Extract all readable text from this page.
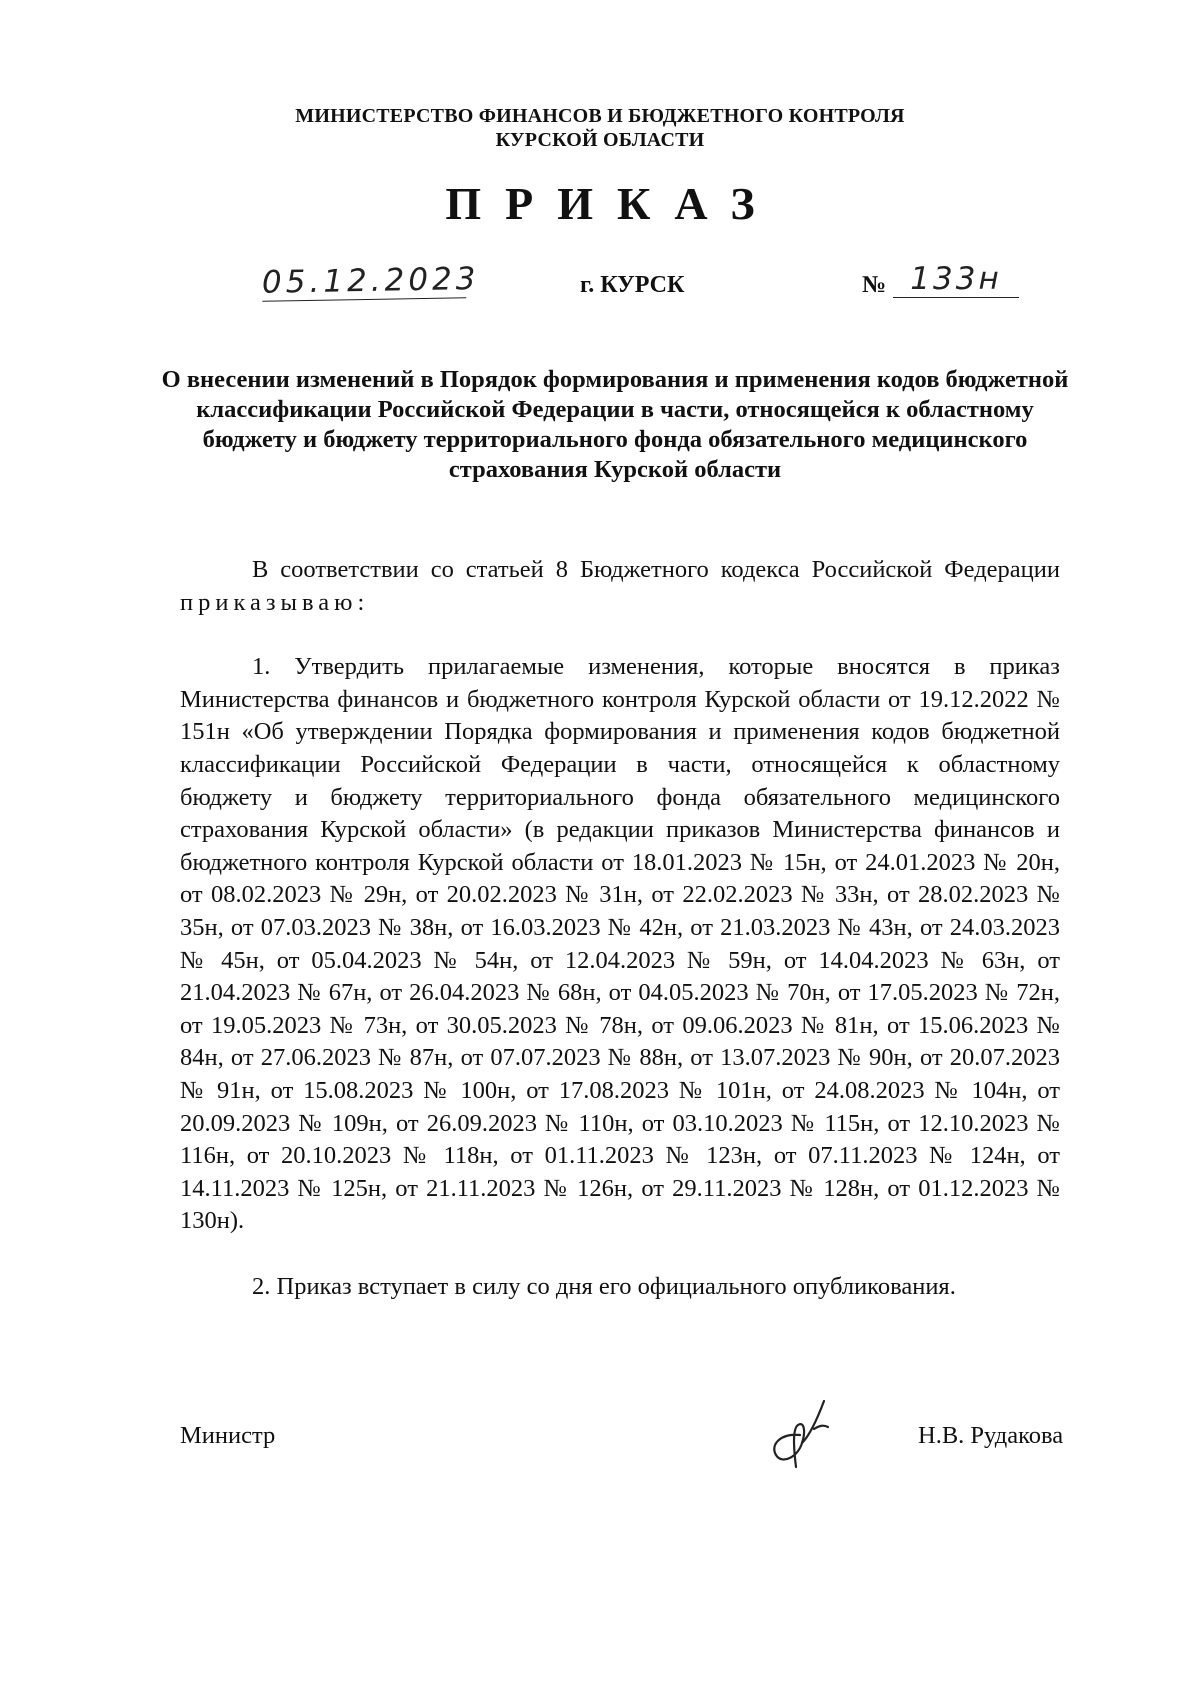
МИНИСТЕРСТВО ФИНАНСОВ И БЮДЖЕТНОГО КОНТРОЛЯ
КУРСКОЙ ОБЛАСТИ
ПРИКАЗ
05.12.2023	г. КУРСК	№ 133н
О внесении изменений в Порядок формирования и применения кодов бюджетной классификации Российской Федерации в части, относящейся к областному бюджету и бюджету территориального фонда обязательного медицинского страхования Курской области

В соответствии со статьей 8 Бюджетного кодекса Российской Федерации приказываю:

1. Утвердить прилагаемые изменения, которые вносятся в приказ Министерства финансов и бюджетного контроля Курской области от 19.12.2022 № 151н «Об утверждении Порядка формирования и применения кодов бюджетной классификации Российской Федерации в части, относящейся к областному бюджету и бюджету территориального фонда обязательного медицинского страхования Курской области» (в редакции приказов Министерства финансов и бюджетного контроля Курской области от 18.01.2023 № 15н, от 24.01.2023 № 20н, от 08.02.2023 № 29н, от 20.02.2023 № 31н, от 22.02.2023 № 33н, от 28.02.2023 № 35н, от 07.03.2023 № 38н, от 16.03.2023 № 42н, от 21.03.2023 № 43н, от 24.03.2023 № 45н, от 05.04.2023 № 54н, от 12.04.2023 № 59н, от 14.04.2023 № 63н, от 21.04.2023 № 67н, от 26.04.2023 № 68н, от 04.05.2023 № 70н, от 17.05.2023 № 72н, от 19.05.2023 № 73н, от 30.05.2023 № 78н, от 09.06.2023 № 81н, от 15.06.2023 № 84н, от 27.06.2023 № 87н, от 07.07.2023 № 88н, от 13.07.2023 № 90н, от 20.07.2023 № 91н, от 15.08.2023 № 100н, от 17.08.2023 № 101н, от 24.08.2023 № 104н, от 20.09.2023 № 109н, от 26.09.2023 № 110н, от 03.10.2023 № 115н, от 12.10.2023 № 116н, от 20.10.2023 № 118н, от 01.11.2023 № 123н, от 07.11.2023 № 124н, от 14.11.2023 № 125н, от 21.11.2023 № 126н, от 29.11.2023 № 128н, от 01.12.2023 № 130н).

2. Приказ вступает в силу со дня его официального опубликования.

Министр	Н.В. Рудакова
